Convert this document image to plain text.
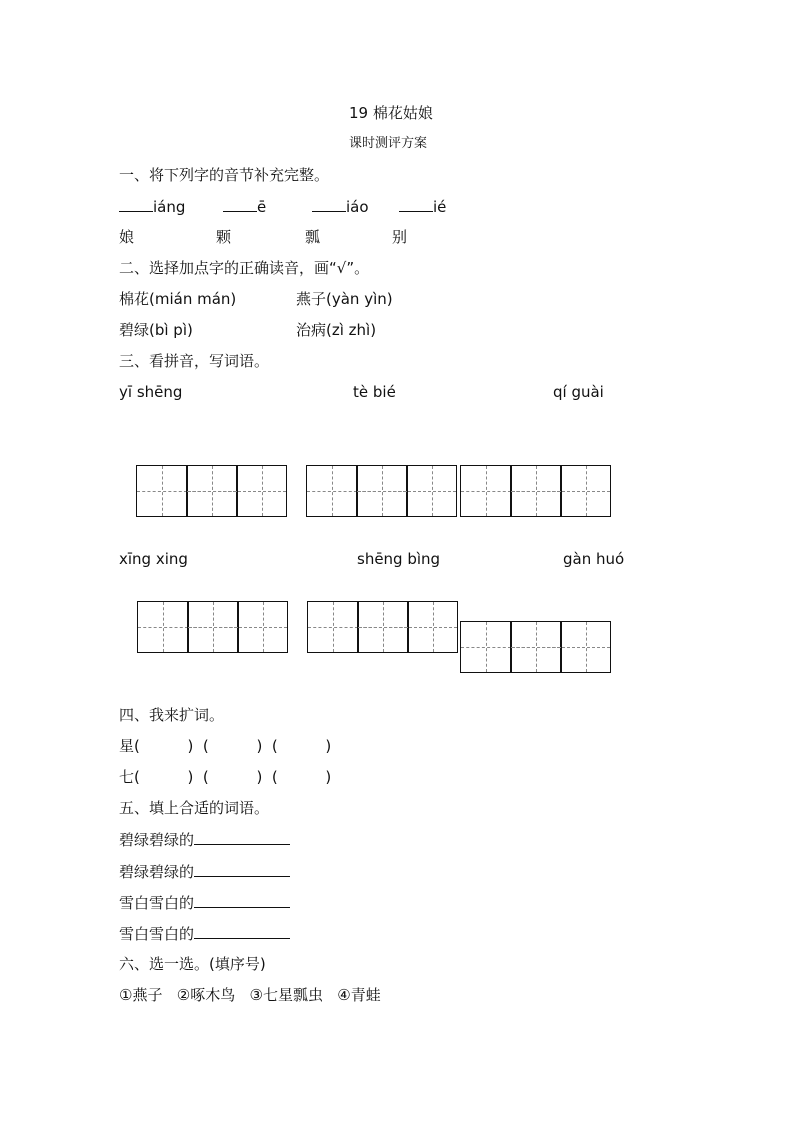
19 棉花姑娘
课时测评方案
一、将下列字的音节补充完整。
iáng	ē	iáo	ié
娘	颗	瓢	别
二、选择加点字的正确读音，画“√”。
棉花(mián mán)	燕子(yàn yìn)
碧绿(bì pì)	治病(zì zhì)
三、看拼音，写词语。
yī shēng	tè bié	qí guài
xīng xing	shēng bìng	gàn huó
四、我来扩词。
星(          )  (          )  (          )
七(          )  (          )  (          )
五、填上合适的词语。
碧绿碧绿的
碧绿碧绿的
雪白雪白的
雪白雪白的
六、选一选。(填序号)
①燕子   ②啄木鸟   ③七星瓢虫   ④青蛙
